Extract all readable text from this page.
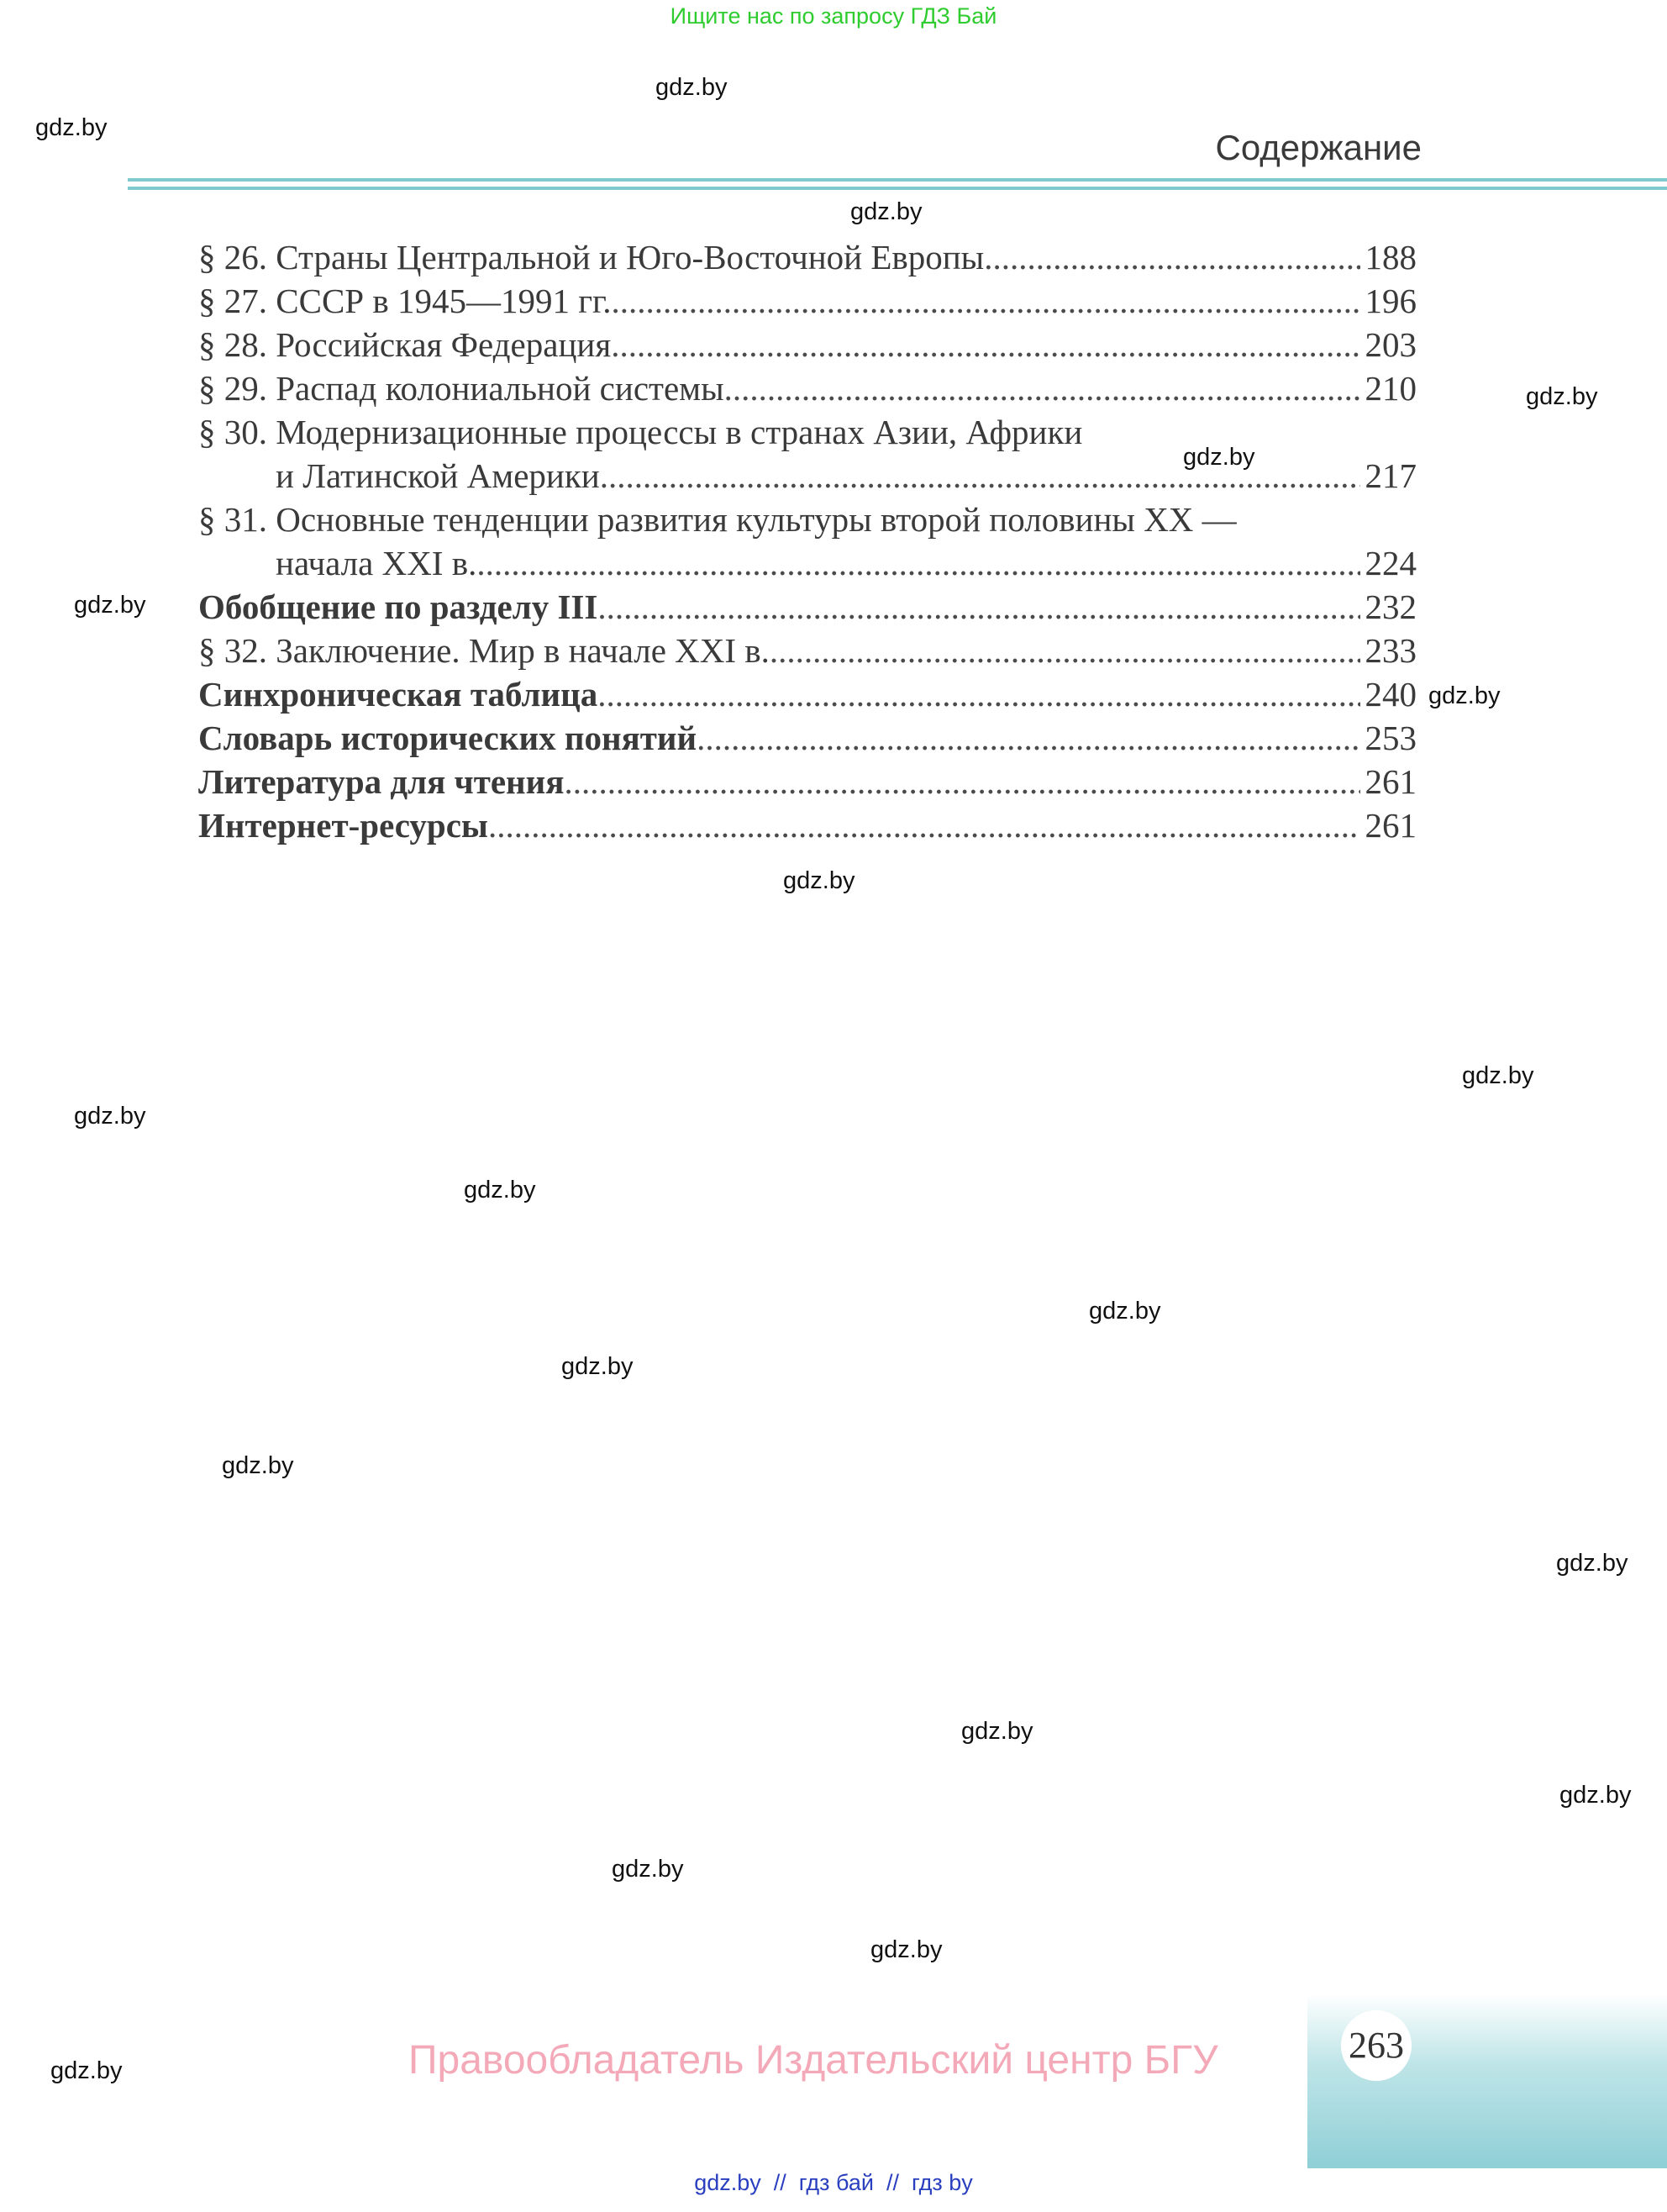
Ищите нас по запросу ГДЗ Бай
Содержание
§ 26. Страны Центральной и Юго-Восточной Европы .....	188
§ 27. СССР в 1945—1991 гг. .....	196
§ 28. Российская Федерация .....	203
§ 29. Распад колониальной системы .....	210
§ 30. Модернизационные процессы в странах Азии, Африки
и Латинской Америки .....	217
§ 31. Основные тенденции развития культуры второй половины XX —
начала XXI в. .....	224
Обобщение по разделу III .....	232
§ 32. Заключение. Мир в начале XXI в. .....	233
Синхроническая таблица .....	240
Словарь исторических понятий .....	253
Литература для чтения .....	261
Интернет-ресурсы .....	261
gdz.by
gdz.by
gdz.by
gdz.by
gdz.by
gdz.by
gdz.by
gdz.by
gdz.by
gdz.by
gdz.by
gdz.by
gdz.by
gdz.by
gdz.by
gdz.by
gdz.by
gdz.by
gdz.by
gdz.by
263
Правообладатель Издательский центр БГУ
gdz.by  //  гдз бай  //  гдз by
